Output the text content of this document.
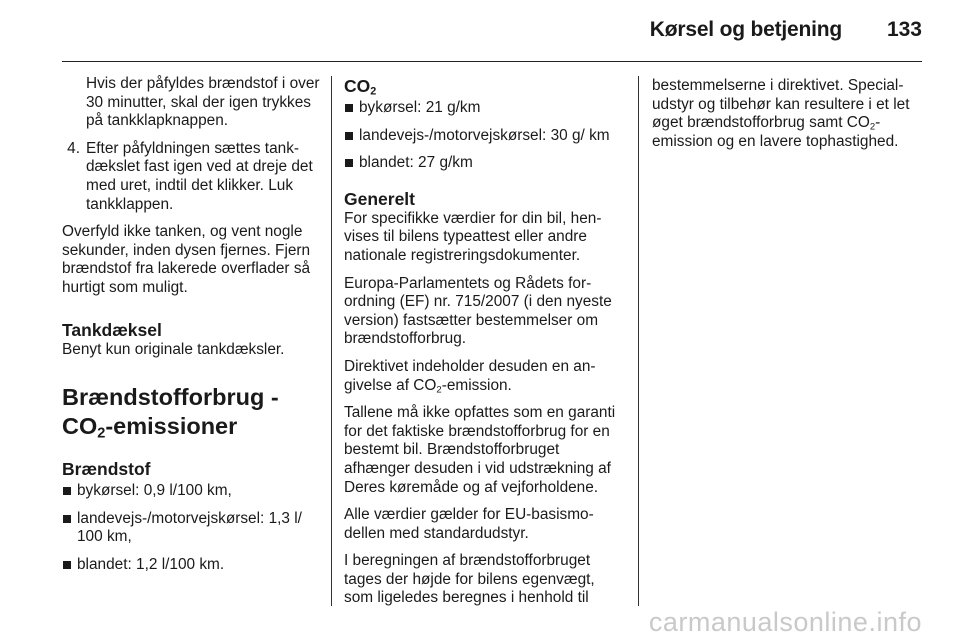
Kørsel og betjening 133

Hvis der påfyldes brændstof i over 30 minutter, skal der igen trykkes på tankklapknappen.

4. Efter påfyldningen sættes tankdækslet fast igen ved at dreje det med uret, indtil det klikker. Luk tankklappen.

Overfyld ikke tanken, og vent nogle sekunder, inden dysen fjernes. Fjern brændstof fra lakerede overflader så hurtigt som muligt.

Tankdæksel

Benyt kun originale tankdæksler.

Brændstofforbrug -
$CO_2$-emissioner
Brændstof
bykørsel: 0,9 l/100 km,
landevejs-/motorvejskørsel: 1,3 l/ 100 km,
blandet: 1,2 l/100 km.
$CO_2$
bykørsel: 21 g/km
landevejs-/motorvejskørsel: 30 g/ km
blandet: 27 g/km
Generelt

For specifikke værdier for din bil, henvises til bilens typeattest eller andre nationale registreringsdokumenter.

Europa-Parlamentets og Rådets forordning (EF) nr. 715/2007 (i den nyeste version) fastsætter bestemmelser om brændstofforbrug.

Direktivet indeholder desuden en angivelse af $CO_2$-emission.

Tallene må ikke opfattes som en garanti for det faktiske brændstofforbrug for en bestemt bil. Brændstofforbruget afhænger desuden i vid udstrækning af Deres køremåde og af vejforholdene.

Alle værdier gælder for EU-basismodellen med standardudstyr.

I beregningen af brændstofforbruget tages der højde for bilens egenvægt, som ligeledes beregnes i henhold til

bestemmelserne i direktivet. Specialudstyr og tilbehør kan resultere i et let øget brændstofforbrug samt $CO_2$-emission og en lavere tophastighed.

carmanualsonline.info
